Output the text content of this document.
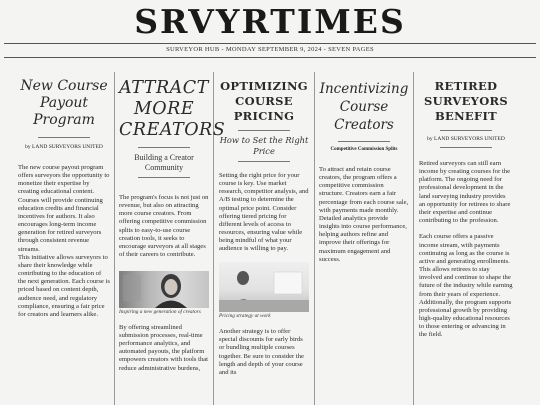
SRVYRTIMES
SURVEYOR HUB - MONDAY SEPTEMBER 9, 2024 - SEVEN PAGES
New Course Payout Program
by LAND SURVEYORS UNITED
The new course payout program offers surveyors the opportunity to monetize their expertise by creating educational content. Courses will provide continuing education credits and financial incentives for authors. It also encourages long-term income generation for retired surveyors through consistent revenue streams.
This initiative allows surveyors to share their knowledge while contributing to the education of the next generation. Each course is priced based on content depth, audience need, and regulatory compliance, ensuring a fair price for creators and learners alike.
ATTRACT MORE CREATORS
Building a Creator Community
The program's focus is not just on revenue, but also on attracting more course creators. From offering competitive commission splits to easy-to-use course creation tools, it seeks to encourage surveyors at all stages of their careers to contribute.
Inspiring a new generation of creators
By offering streamlined submission processes, real-time performance analytics, and automated payouts, the platform empowers creators with tools that reduce administrative burdens,
OPTIMIZING COURSE PRICING
How to Set the Right Price
Setting the right price for your course is key. Use market research, competitor analysis, and A/B testing to determine the optimal price point. Consider offering tiered pricing for different levels of access to resources, ensuring value while being mindful of what your audience is willing to pay.
Pricing strategy at work
Another strategy is to offer special discounts for early birds or bundling multiple courses together. Be sure to consider the length and depth of your course and its
Incentivizing Course Creators
Competitive Commission Splits
To attract and retain course creators, the program offers a competitive commission structure. Creators earn a fair percentage from each course sale, with payments made monthly. Detailed analytics provide insights into course performance, helping authors refine and improve their offerings for maximum engagement and success.
RETIRED SURVEYORS BENEFIT
by LAND SURVEYORS UNITED
Retired surveyors can still earn income by creating courses for the platform. The ongoing need for professional development in the land surveying industry provides an opportunity for retirees to share their expertise and continue contributing to the profession.

Each course offers a passive income stream, with payments continuing as long as the course is active and generating enrollments. This allows retirees to stay involved and continue to shape the future of the industry while earning from their years of experience. Additionally, the program supports professional growth by providing high-quality educational resources to those entering or advancing in the field.
